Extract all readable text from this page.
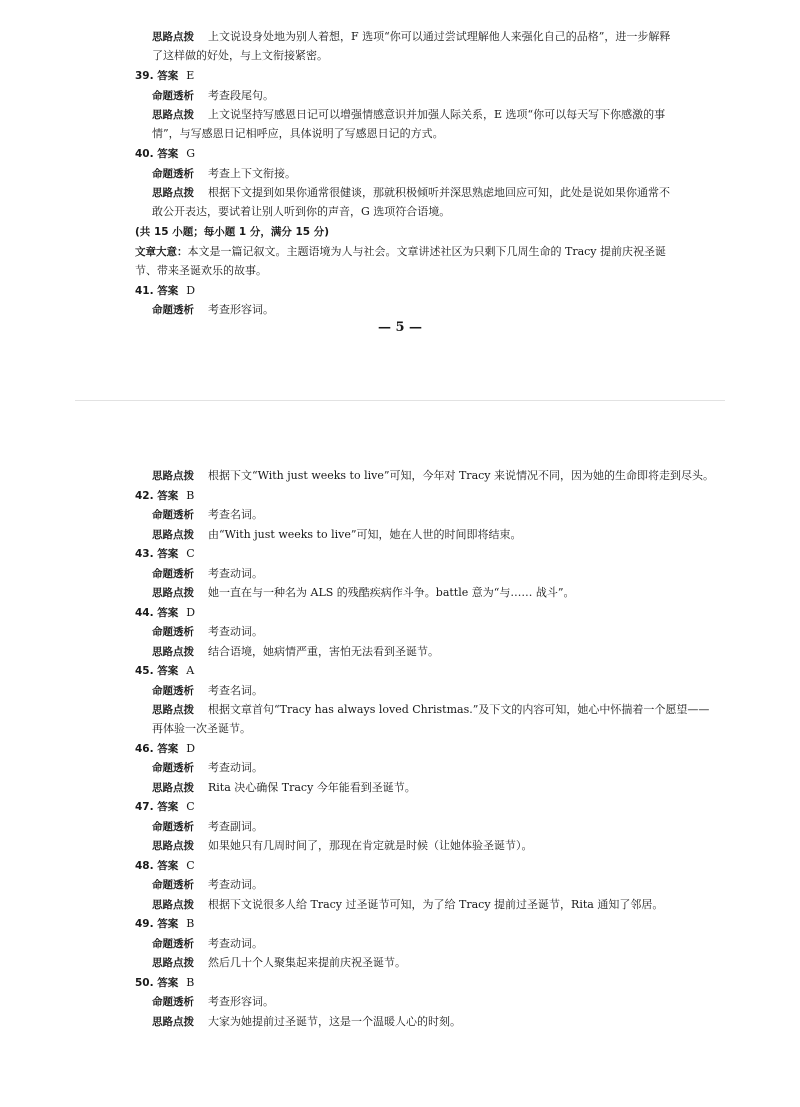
思路点拨 上文说设身处地为别人着想，F 选项“你可以通过尝试理解他人来强化自己的品格”，进一步解释
了这样做的好处，与上文衔接紧密。
39. 答案 E
命题透析 考查段尾句。
思路点拨 上文说坚持写感恩日记可以增强情感意识并加强人际关系，E 选项“你可以每天写下你感激的事
情”，与写感恩日记相呼应，具体说明了写感恩日记的方式。
40. 答案 G
命题透析 考查上下文衔接。
思路点拨 根据下文提到如果你通常很健谈，那就积极倾听并深思熟虑地回应可知，此处是说如果你通常不
敢公开表达，要试着让别人听到你的声音，G 选项符合语境。
(共 15 小题；每小题 1 分，满分 15 分)
文章大意：本文是一篇记叙文。主题语境为人与社会。文章讲述社区为只剩下几周生命的 Tracy 提前庆祝圣诞
节、带来圣诞欢乐的故事。
41. 答案 D
命题透析 考查形容词。
— 5 —
思路点拨 根据下文“With just weeks to live”可知，今年对 Tracy 来说情况不同，因为她的生命即将走到尽头。
42. 答案 B
命题透析 考查名词。
思路点拨 由“With just weeks to live”可知，她在人世的时间即将结束。
43. 答案 C
命题透析 考查动词。
思路点拨 她一直在与一种名为 ALS 的残酷疾病作斗争。battle 意为“与…… 战斗”。
44. 答案 D
命题透析 考查动词。
思路点拨 结合语境，她病情严重，害怕无法看到圣诞节。
45. 答案 A
命题透析 考查名词。
思路点拨 根据文章首句“Tracy has always loved Christmas.”及下文的内容可知，她心中怀揣着一个愿望——
再体验一次圣诞节。
46. 答案 D
命题透析 考查动词。
思路点拨 Rita 决心确保 Tracy 今年能看到圣诞节。
47. 答案 C
命题透析 考查副词。
思路点拨 如果她只有几周时间了，那现在肯定就是时候（让她体验圣诞节）。
48. 答案 C
命题透析 考查动词。
思路点拨 根据下文说很多人给 Tracy 过圣诞节可知，为了给 Tracy 提前过圣诞节，Rita 通知了邻居。
49. 答案 B
命题透析 考查动词。
思路点拨 然后几十个人聚集起来提前庆祝圣诞节。
50. 答案 B
命题透析 考查形容词。
思路点拨 大家为她提前过圣诞节，这是一个温暖人心的时刻。
